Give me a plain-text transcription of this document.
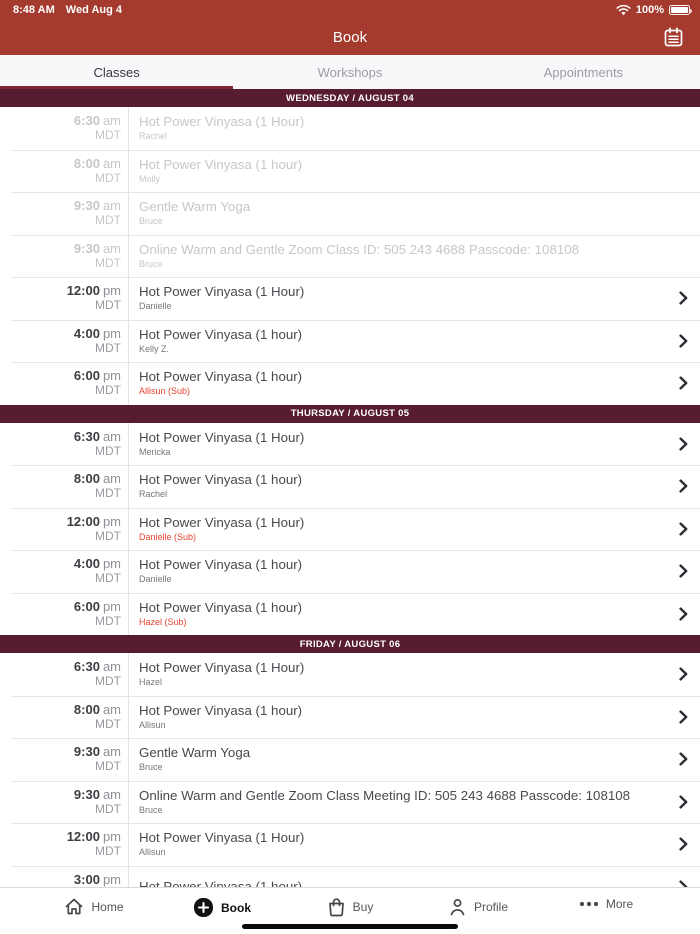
8:48 AM Wed Aug 4	100%
Book
Classes	Workshops	Appointments
WEDNESDAY / AUGUST 04
6:30 am
MDT
Hot Power Vinyasa (1 Hour)
Rachel
8:00 am
MDT
Hot Power Vinyasa (1 hour)
Molly
9:30 am
MDT
Gentle Warm Yoga
Bruce
9:30 am
MDT
Online Warm and Gentle Zoom Class ID: 505 243 4688 Passcode: 108108
Bruce
12:00 pm
MDT
Hot Power Vinyasa (1 Hour)
Danielle
4:00 pm
MDT
Hot Power Vinyasa (1 hour)
Kelly Z.
6:00 pm
MDT
Hot Power Vinyasa (1 hour)
Allisun (Sub)
THURSDAY / AUGUST 05
6:30 am
MDT
Hot Power Vinyasa (1 Hour)
Mericka
8:00 am
MDT
Hot Power Vinyasa (1 hour)
Rachel
12:00 pm
MDT
Hot Power Vinyasa (1 Hour)
Danielle (Sub)
4:00 pm
MDT
Hot Power Vinyasa (1 hour)
Danielle
6:00 pm
MDT
Hot Power Vinyasa (1 hour)
Hazel (Sub)
FRIDAY / AUGUST 06
6:30 am
MDT
Hot Power Vinyasa (1 Hour)
Hazel
8:00 am
MDT
Hot Power Vinyasa (1 hour)
Allisun
9:30 am
MDT
Gentle Warm Yoga
Bruce
9:30 am
MDT
Online Warm and Gentle Zoom Class Meeting ID: 505 243 4688 Passcode: 108108
Bruce
12:00 pm
MDT
Hot Power Vinyasa (1 Hour)
Allisun
3:00 pm
Home	Book	Buy	Profile	More
